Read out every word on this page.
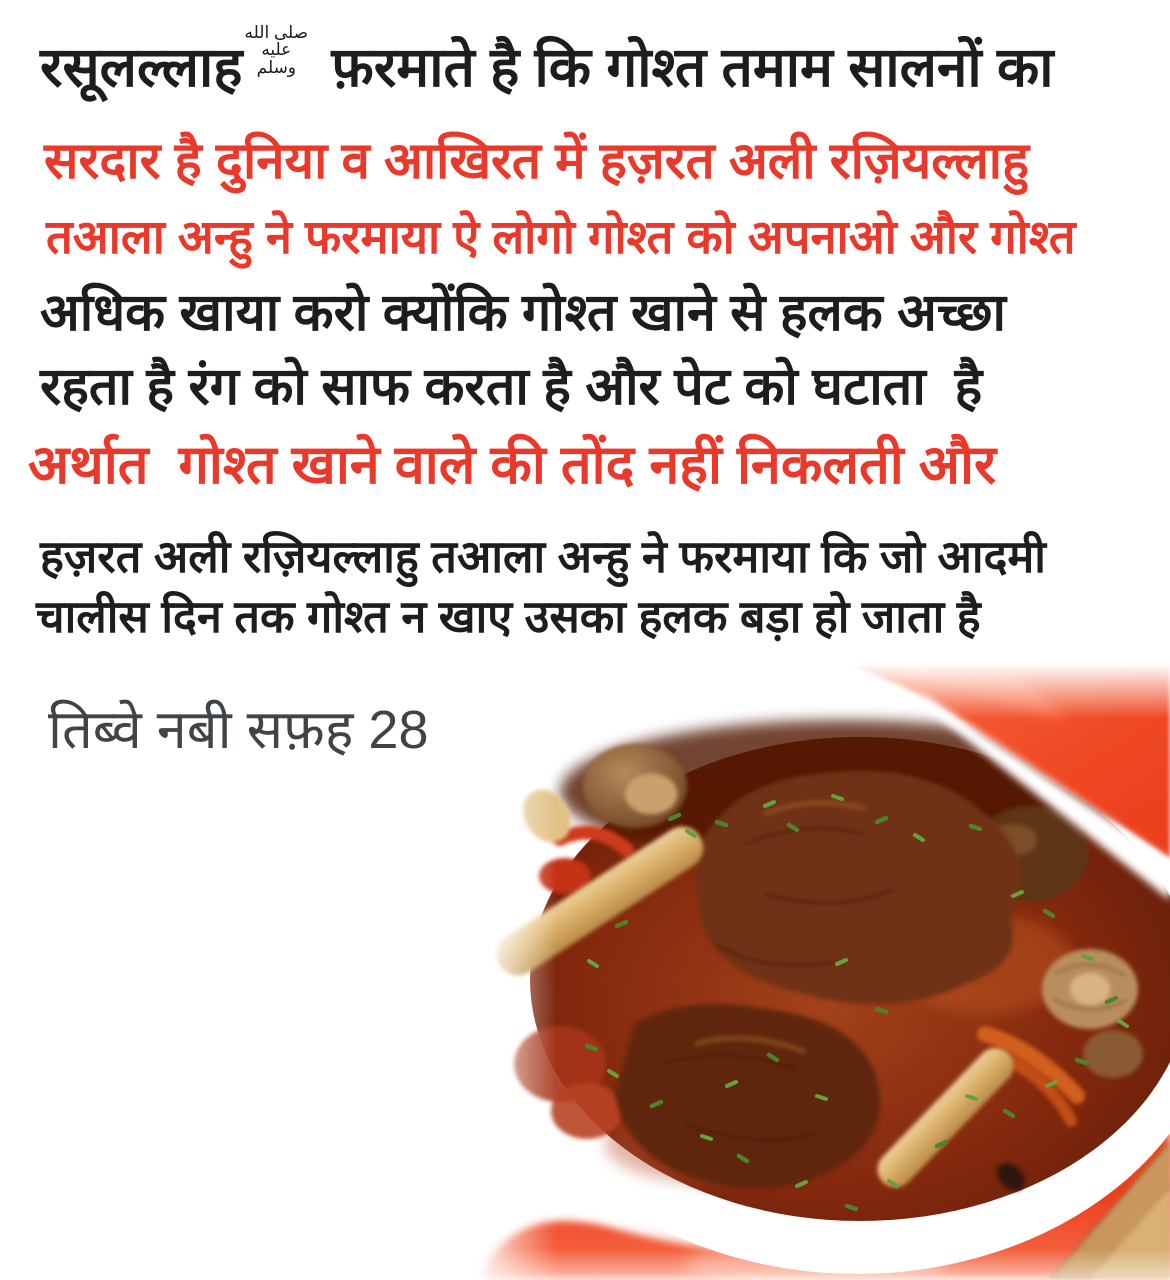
रसूलल्लाह
صلى الله
عليه
وسلم फ़रमाते है कि गोश्त तमाम सालनों का
सरदार है दुनिया व आखिरत में हज़रत अली रज़ियल्लाहु
तआला अन्हु ने फरमाया ऐ लोगो गोश्त को अपनाओ और गोश्त
अधिक खाया करो क्योंकि गोश्त खाने से हलक अच्छा
रहता है रंग को साफ करता है और पेट को घटाता  है
अर्थात  गोश्त खाने वाले की तोंद नहीं निकलती और
हज़रत अली रज़ियल्लाहु तआला अन्हु ने फरमाया कि जो आदमी
चालीस दिन तक गोश्त न खाए उसका हलक बड़ा हो जाता है
तिब्वे नबी सफ़ह 28
